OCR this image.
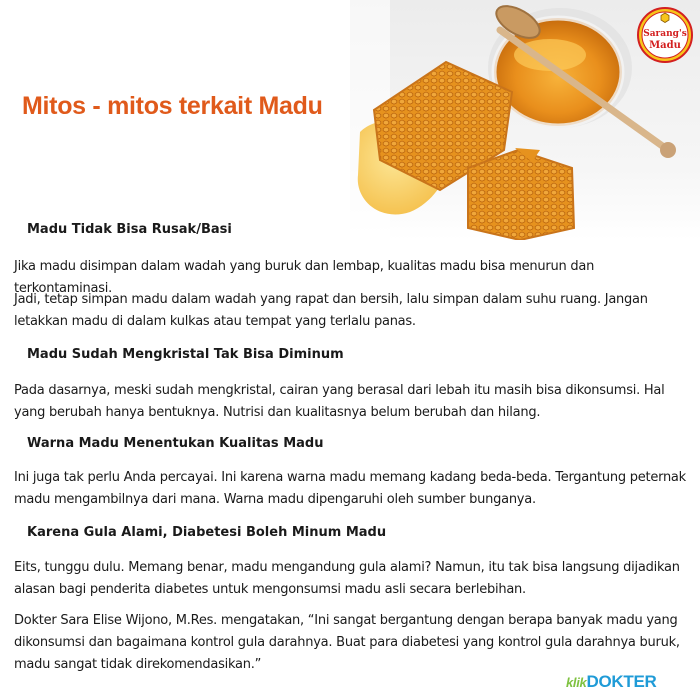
Mitos - mitos terkait Madu
Sarang's
Madu
Madu Tidak Bisa Rusak/Basi

Jika madu disimpan dalam wadah yang buruk dan lembap, kualitas madu bisa menurun dan terkontaminasi.

Jadi, tetap simpan madu dalam wadah yang rapat dan bersih, lalu simpan dalam suhu ruang. Jangan letakkan madu di dalam kulkas atau tempat yang terlalu panas.

Madu Sudah Mengkristal Tak Bisa Diminum

Pada dasarnya, meski sudah mengkristal, cairan yang berasal dari lebah itu masih bisa dikonsumsi. Hal yang berubah hanya bentuknya. Nutrisi dan kualitasnya belum berubah dan hilang.

Warna Madu Menentukan Kualitas Madu

Ini juga tak perlu Anda percayai. Ini karena warna madu memang kadang beda-beda. Tergantung peternak madu mengambilnya dari mana. Warna madu dipengaruhi oleh sumber bunganya.

Karena Gula Alami, Diabetesi Boleh Minum Madu

Eits, tunggu dulu. Memang benar, madu mengandung gula alami? Namun, itu tak bisa langsung dijadikan alasan bagi penderita diabetes untuk mengonsumsi madu asli secara berlebihan.

Dokter Sara Elise Wijono, M.Res. mengatakan, “Ini sangat bergantung dengan berapa banyak madu yang dikonsumsi dan bagaimana kontrol gula darahnya. Buat para diabetesi yang kontrol gula darahnya buruk, madu sangat tidak direkomendasikan.”

klikDOKTER
